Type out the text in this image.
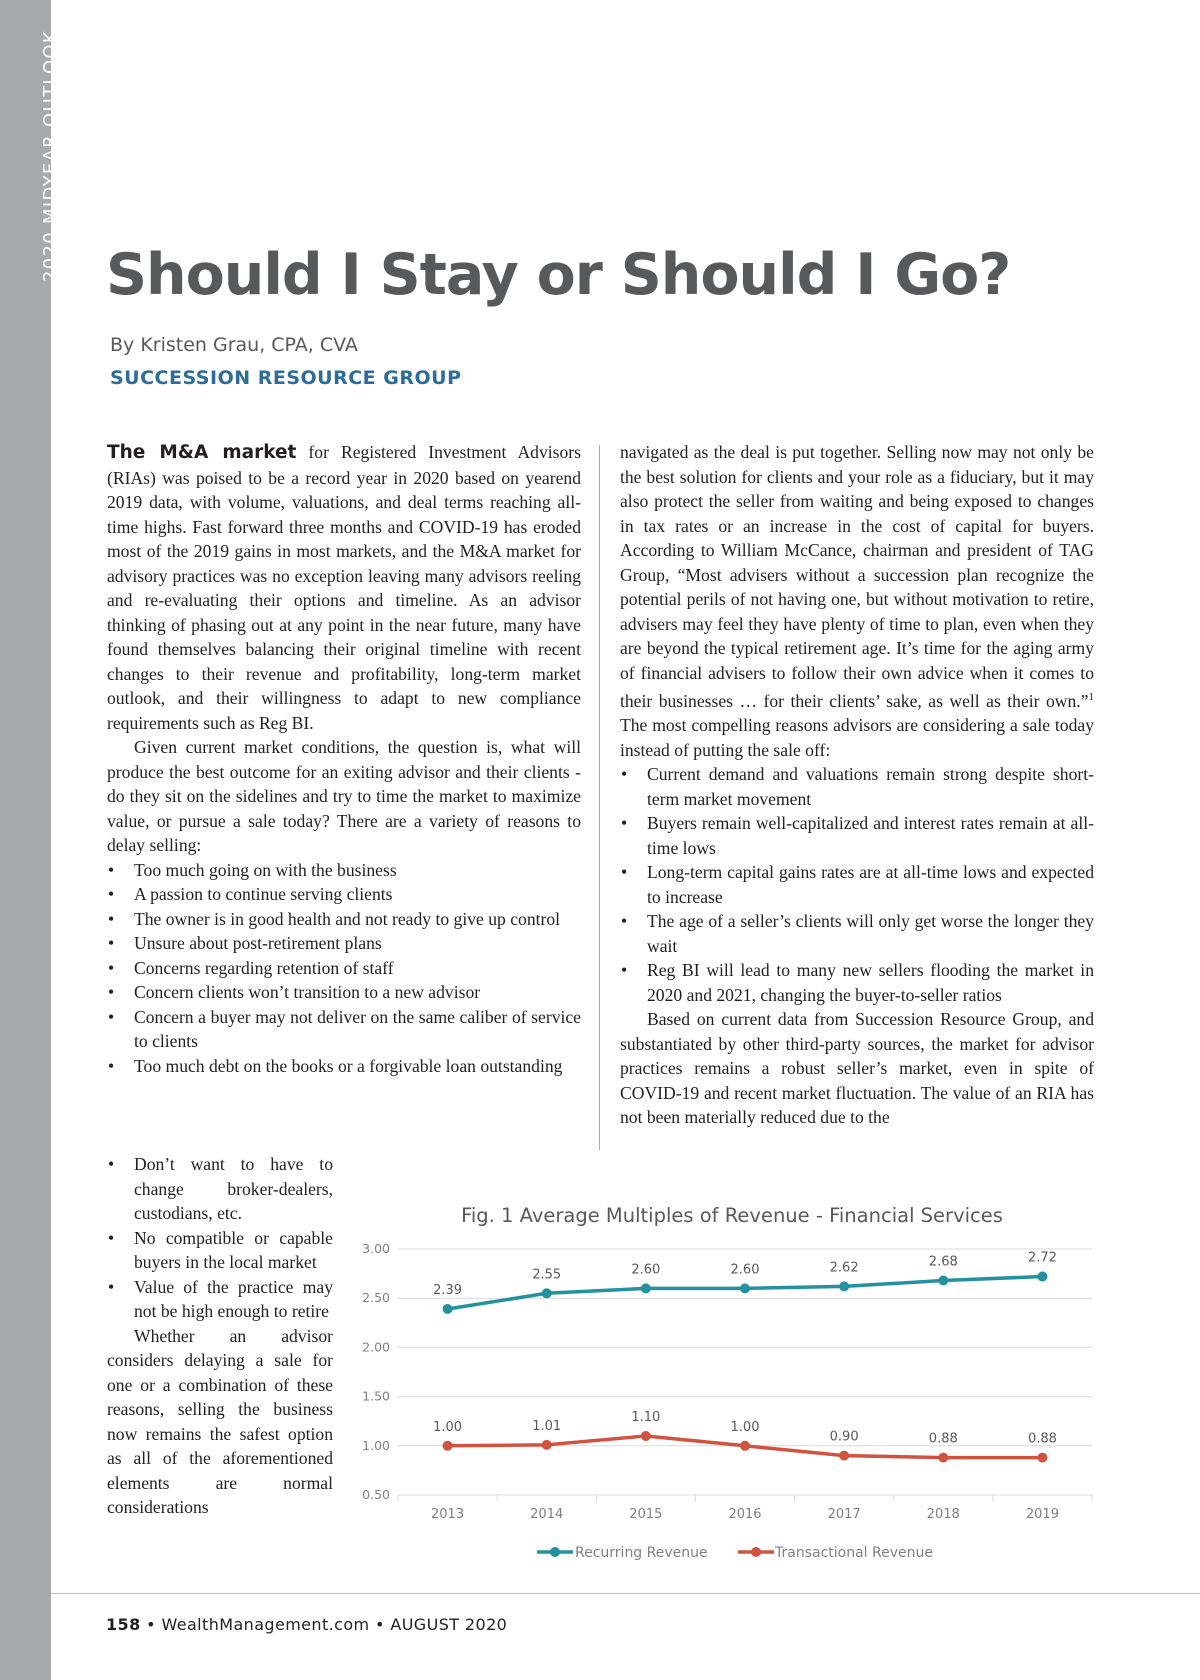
2020 MIDYEAR OUTLOOK Should I Stay or Should I Go?
By Kristen Grau, CPA, CVA
SUCCESSION RESOURCE GROUP

The M&A market for Registered Investment Advisors (RIAs) was poised to be a record year in 2020 based on yearend 2019 data, with volume, valuations, and deal terms reaching all-time highs. Fast forward three months and COVID-19 has eroded most of the 2019 gains in most markets, and the M&A market for advisory practices was no exception leaving many advisors reeling and re-evaluating their options and timeline. As an advisor thinking of phasing out at any point in the near future, many have found themselves balancing their original timeline with recent changes to their revenue and profitability, long-term market outlook, and their willingness to adapt to new compliance requirements such as Reg BI.

Given current market conditions, the question is, what will produce the best outcome for an exiting advisor and their clients - do they sit on the sidelines and try to time the market to maximize value, or pursue a sale today? There are a variety of reasons to delay selling:

• Too much going on with the business
• A passion to continue serving clients
• The owner is in good health and not ready to give up control
• Unsure about post-retirement plans
• Concerns regarding retention of staff
• Concern clients won’t transition to a new advisor
• Concern a buyer may not deliver on the same caliber of service to clients
• Too much debt on the books or a forgivable loan outstanding
• Don’t want to have to change broker-dealers, custodians, etc.
• No compatible or capable buyers in the local market
• Value of the practice may not be high enough to retire

Whether an advisor considers delaying a sale for one or a combination of these reasons, selling the business now remains the safest option as all of the aforementioned elements are normal considerations

navigated as the deal is put together. Selling now may not only be the best solution for clients and your role as a fiduciary, but it may also protect the seller from waiting and being exposed to changes in tax rates or an increase in the cost of capital for buyers. According to William McCance, chairman and president of TAG Group, “Most advisers without a succession plan recognize the potential perils of not having one, but without motivation to retire, advisers may feel they have plenty of time to plan, even when they are beyond the typical retirement age. It’s time for the aging army of financial advisers to follow their own advice when it comes to their businesses … for their clients’ sake, as well as their own.”$^1$ The most compelling reasons advisors are considering a sale today instead of putting the sale off:

• Current demand and valuations remain strong despite short-term market movement
• Buyers remain well-capitalized and interest rates remain at all-time lows
• Long-term capital gains rates are at all-time lows and expected to increase
• The age of a seller’s clients will only get worse the longer they wait
• Reg BI will lead to many new sellers flooding the market in 2020 and 2021, changing the buyer-to-seller ratios

Based on current data from Succession Resource Group, and substantiated by other third-party sources, the market for advisor practices remains a robust seller’s market, even in spite of COVID-19 and recent market fluctuation. The value of an RIA has not been materially reduced due to the

Fig. 1 Average Multiples of Revenue - Financial Services
0.50
1.00
1.50
2.00
2.50
3.00
2013	2014	2015	2016	2017	2018	2019
2.39
2.55	2.60	2.60	2.62	2.68	2.72
1.00	1.01
1.10
1.00
0.90	0.88	0.88
Recurring Revenue	Transactional Revenue
158 • WealthManagement.com • AUGUST 2020
